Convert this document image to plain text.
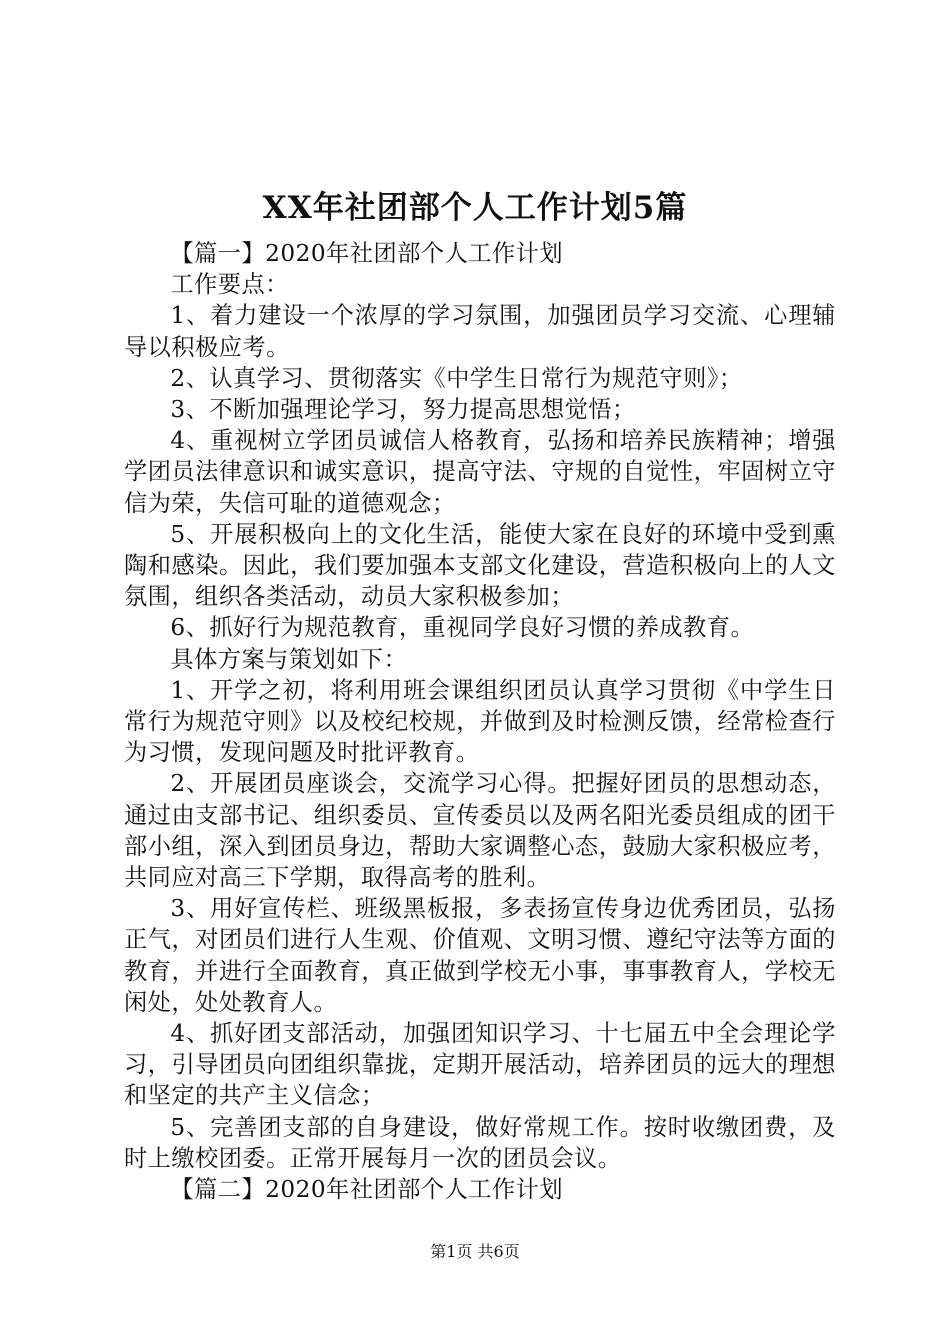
XX年社团部个人工作计划5篇

【篇一】2020年社团部个人工作计划

工作要点：

1、着力建设一个浓厚的学习氛围，加强团员学习交流、心理辅导以积极应考。

2、认真学习、贯彻落实《中学生日常行为规范守则》；

3、不断加强理论学习，努力提高思想觉悟；

4、重视树立学团员诚信人格教育，弘扬和培养民族精神；增强学团员法律意识和诚实意识，提高守法、守规的自觉性，牢固树立守信为荣，失信可耻的道德观念；

5、开展积极向上的文化生活，能使大家在良好的环境中受到熏陶和感染。因此，我们要加强本支部文化建设，营造积极向上的人文氛围，组织各类活动，动员大家积极参加；

6、抓好行为规范教育，重视同学良好习惯的养成教育。

具体方案与策划如下：

1、开学之初，将利用班会课组织团员认真学习贯彻《中学生日常行为规范守则》以及校纪校规，并做到及时检测反馈，经常检查行为习惯，发现问题及时批评教育。

2、开展团员座谈会，交流学习心得。把握好团员的思想动态，通过由支部书记、组织委员、宣传委员以及两名阳光委员组成的团干部小组，深入到团员身边，帮助大家调整心态，鼓励大家积极应考，共同应对高三下学期，取得高考的胜利。

3、用好宣传栏、班级黑板报，多表扬宣传身边优秀团员，弘扬正气，对团员们进行人生观、价值观、文明习惯、遵纪守法等方面的教育，并进行全面教育，真正做到学校无小事，事事教育人，学校无闲处，处处教育人。

4、抓好团支部活动，加强团知识学习、十七届五中全会理论学习，引导团员向团组织靠拢，定期开展活动，培养团员的远大的理想和坚定的共产主义信念；

5、完善团支部的自身建设，做好常规工作。按时收缴团费，及时上缴校团委。正常开展每月一次的团员会议。

【篇二】2020年社团部个人工作计划

第1页 共6页
